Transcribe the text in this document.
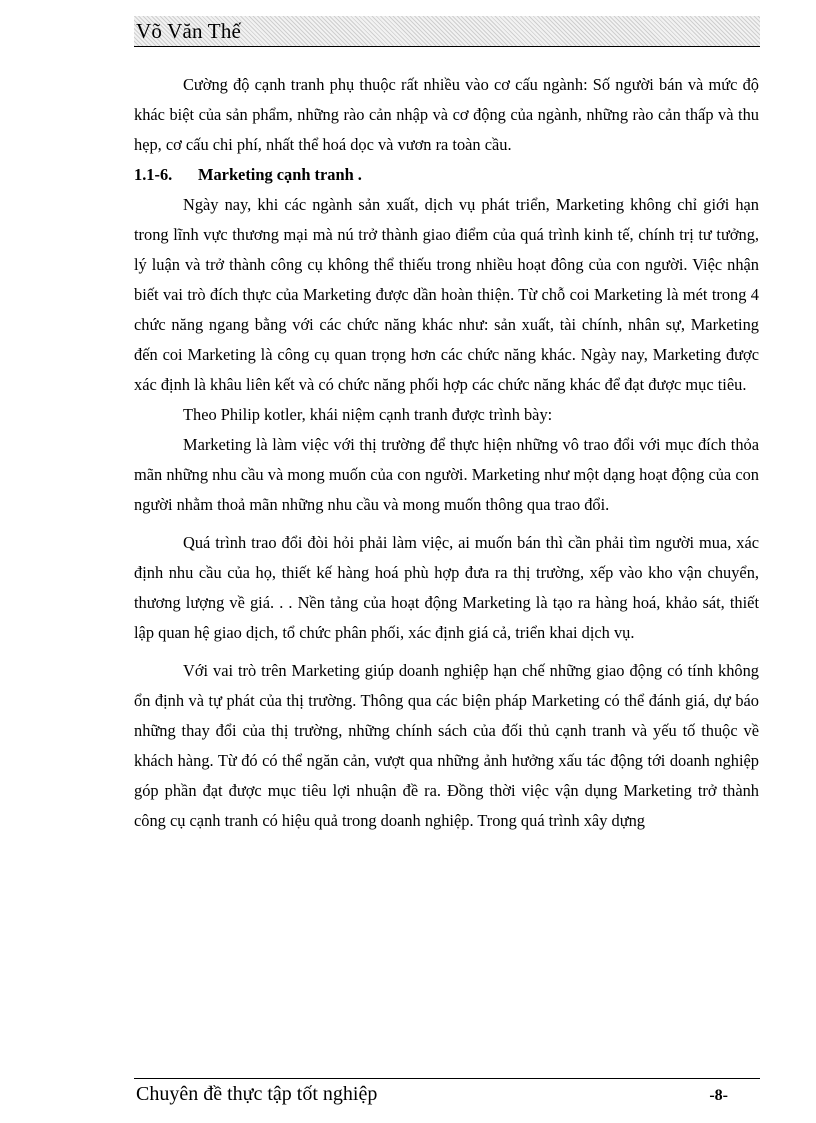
Võ Văn Thế

Cường độ cạnh tranh phụ thuộc rất nhiều vào cơ cấu ngành: Số người bán và mức độ khác biệt của sản phẩm, những rào cản nhập và cơ động của ngành, những rào cản thấp và thu hẹp, cơ cấu chi phí, nhất thể hoá dọc và vươn ra toàn cầu.

1.1-6. Marketing cạnh tranh .

Ngày nay, khi các ngành sản xuất, dịch vụ phát triển, Marketing không chỉ giới hạn trong lĩnh vực thương mại mà nú trở thành giao điểm của quá trình kinh tế, chính trị tư tưởng, lý luận và trở thành công cụ không thể thiếu trong nhiều hoạt đông của con người. Việc nhận biết vai trò đích thực của Marketing được dần hoàn thiện. Từ chỗ coi Marketing là mét trong 4 chức năng ngang bằng với các chức năng khác như: sản xuất, tài chính, nhân sự, Marketing đến coi Marketing là công cụ quan trọng hơn các chức năng khác. Ngày nay, Marketing được xác định là khâu liên kết và có chức năng phối hợp các chức năng khác để đạt được mục tiêu.

Theo Philip kotler, khái niệm cạnh tranh được trình bày:

Marketing là làm việc với thị trường để thực hiện những vô trao đổi với mục đích thỏa mãn những nhu cầu và mong muốn của con người. Marketing như một dạng hoạt động của con người nhằm thoả mãn những nhu cầu và mong muốn thông qua trao đổi.

Quá trình trao đổi đòi hỏi phải làm việc, ai muốn bán thì cần phải tìm người mua, xác định nhu cầu của họ, thiết kế hàng hoá phù hợp đưa ra thị trường, xếp vào kho vận chuyển, thương lượng về giá. . . Nền tảng của hoạt động Marketing là tạo ra hàng hoá, khảo sát, thiết lập quan hệ giao dịch, tổ chức phân phối, xác định giá cả, triển khai dịch vụ.

Với vai trò trên Marketing giúp doanh nghiệp hạn chế những giao động có tính không ổn định và tự phát của thị trường. Thông qua các biện pháp Marketing có thể đánh giá, dự báo những thay đổi của thị trường, những chính sách của đối thủ cạnh tranh và yếu tố thuộc về khách hàng. Từ đó có thể ngăn cản, vượt qua những ảnh hưởng xấu tác động tới doanh nghiệp góp phần đạt được mục tiêu lợi nhuận đề ra. Đồng thời việc vận dụng Marketing trở thành công cụ cạnh tranh có hiệu quả trong doanh nghiệp. Trong quá trình xây dựng

Chuyên đề thực tập tốt nghiệp	-8-
